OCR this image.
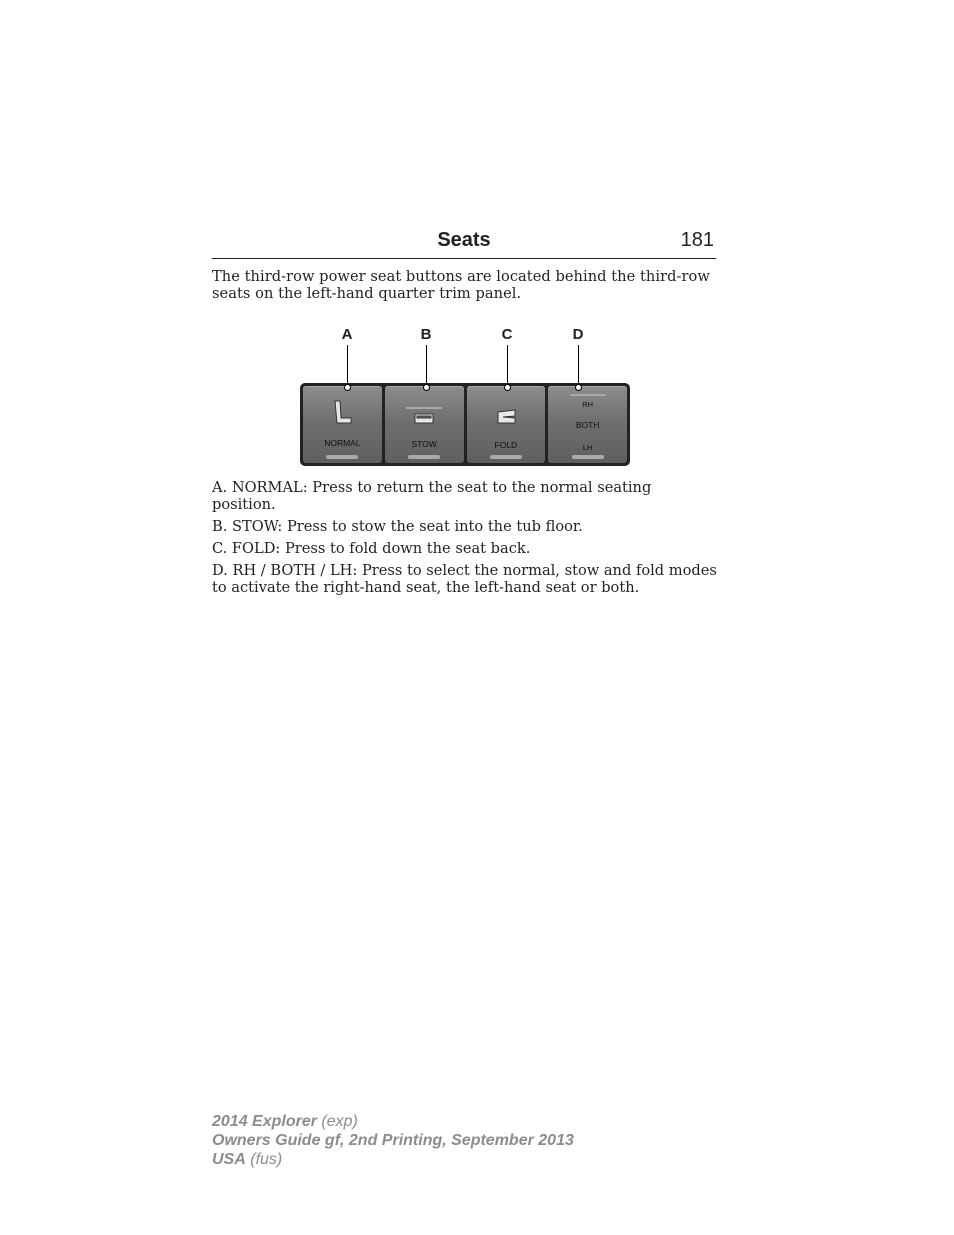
Seats	181

The third-row power seat buttons are located behind the third-row seats on the left-hand quarter trim panel.

A	B	C	D
NORMAL	STOW	FOLD
RH
BOTH
LH
A. NORMAL: Press to return the seat to the normal seating position.
B. STOW: Press to stow the seat into the tub floor.
C. FOLD: Press to fold down the seat back.
D. RH / BOTH / LH: Press to select the normal, stow and fold modes to activate the right-hand seat, the left-hand seat or both.
2014 Explorer (exp)
Owners Guide gf, 2nd Printing, September 2013
USA (fus)
